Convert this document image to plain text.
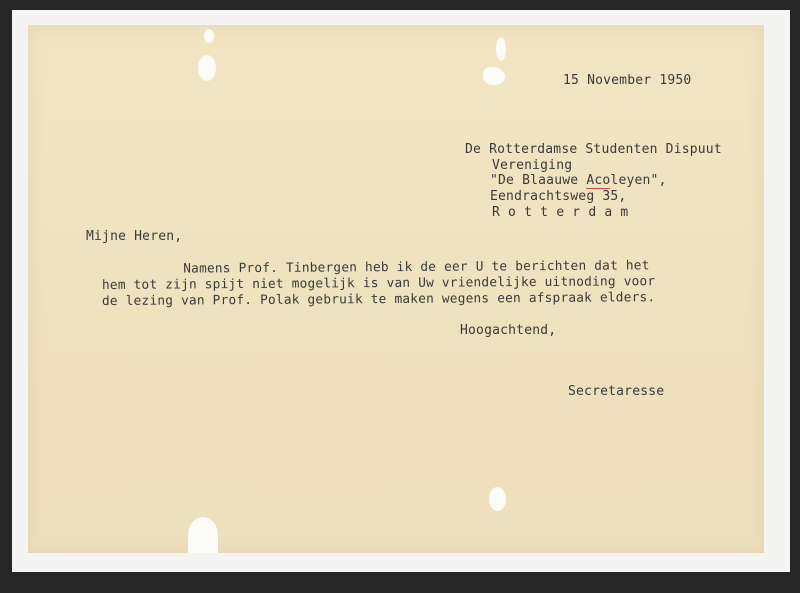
15 November 1950
De Rotterdamse Studenten Dispuut
Vereniging
"De Blaauwe Acoleyen",
Eendrachtsweg 35,
R o t t e r d a m
Mijne Heren,
Namens Prof. Tinbergen heb ik de eer U te berichten dat het
hem tot zijn spijt niet mogelijk is van Uw vriendelijke uitnoding voor
de lezing van Prof. Polak gebruik te maken wegens een afspraak elders.
Hoogachtend,
Secretaresse
